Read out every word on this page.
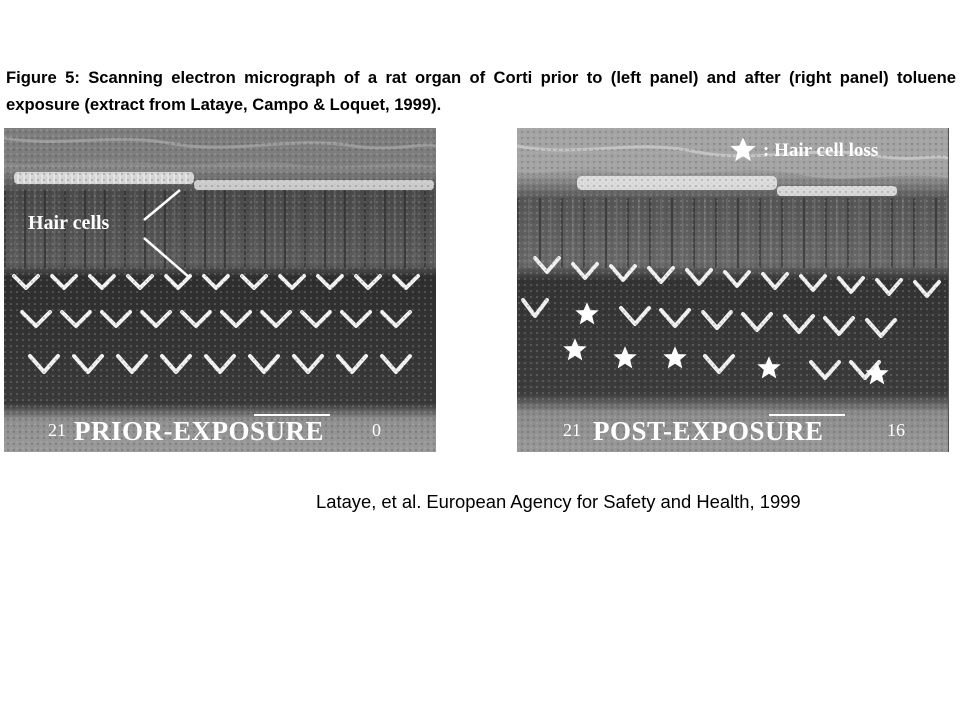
Figure 5: Scanning electron micrograph of a rat organ of Corti prior to (left panel) and after (right panel) toluene exposure (extract from Lataye, Campo & Loquet, 1999).
Hair cells
21 PRIOR-EXPOSURE	0
: Hair cell loss
21 POST-EXPOSURE	16
Lataye, et al. European Agency for Safety and Health, 1999
